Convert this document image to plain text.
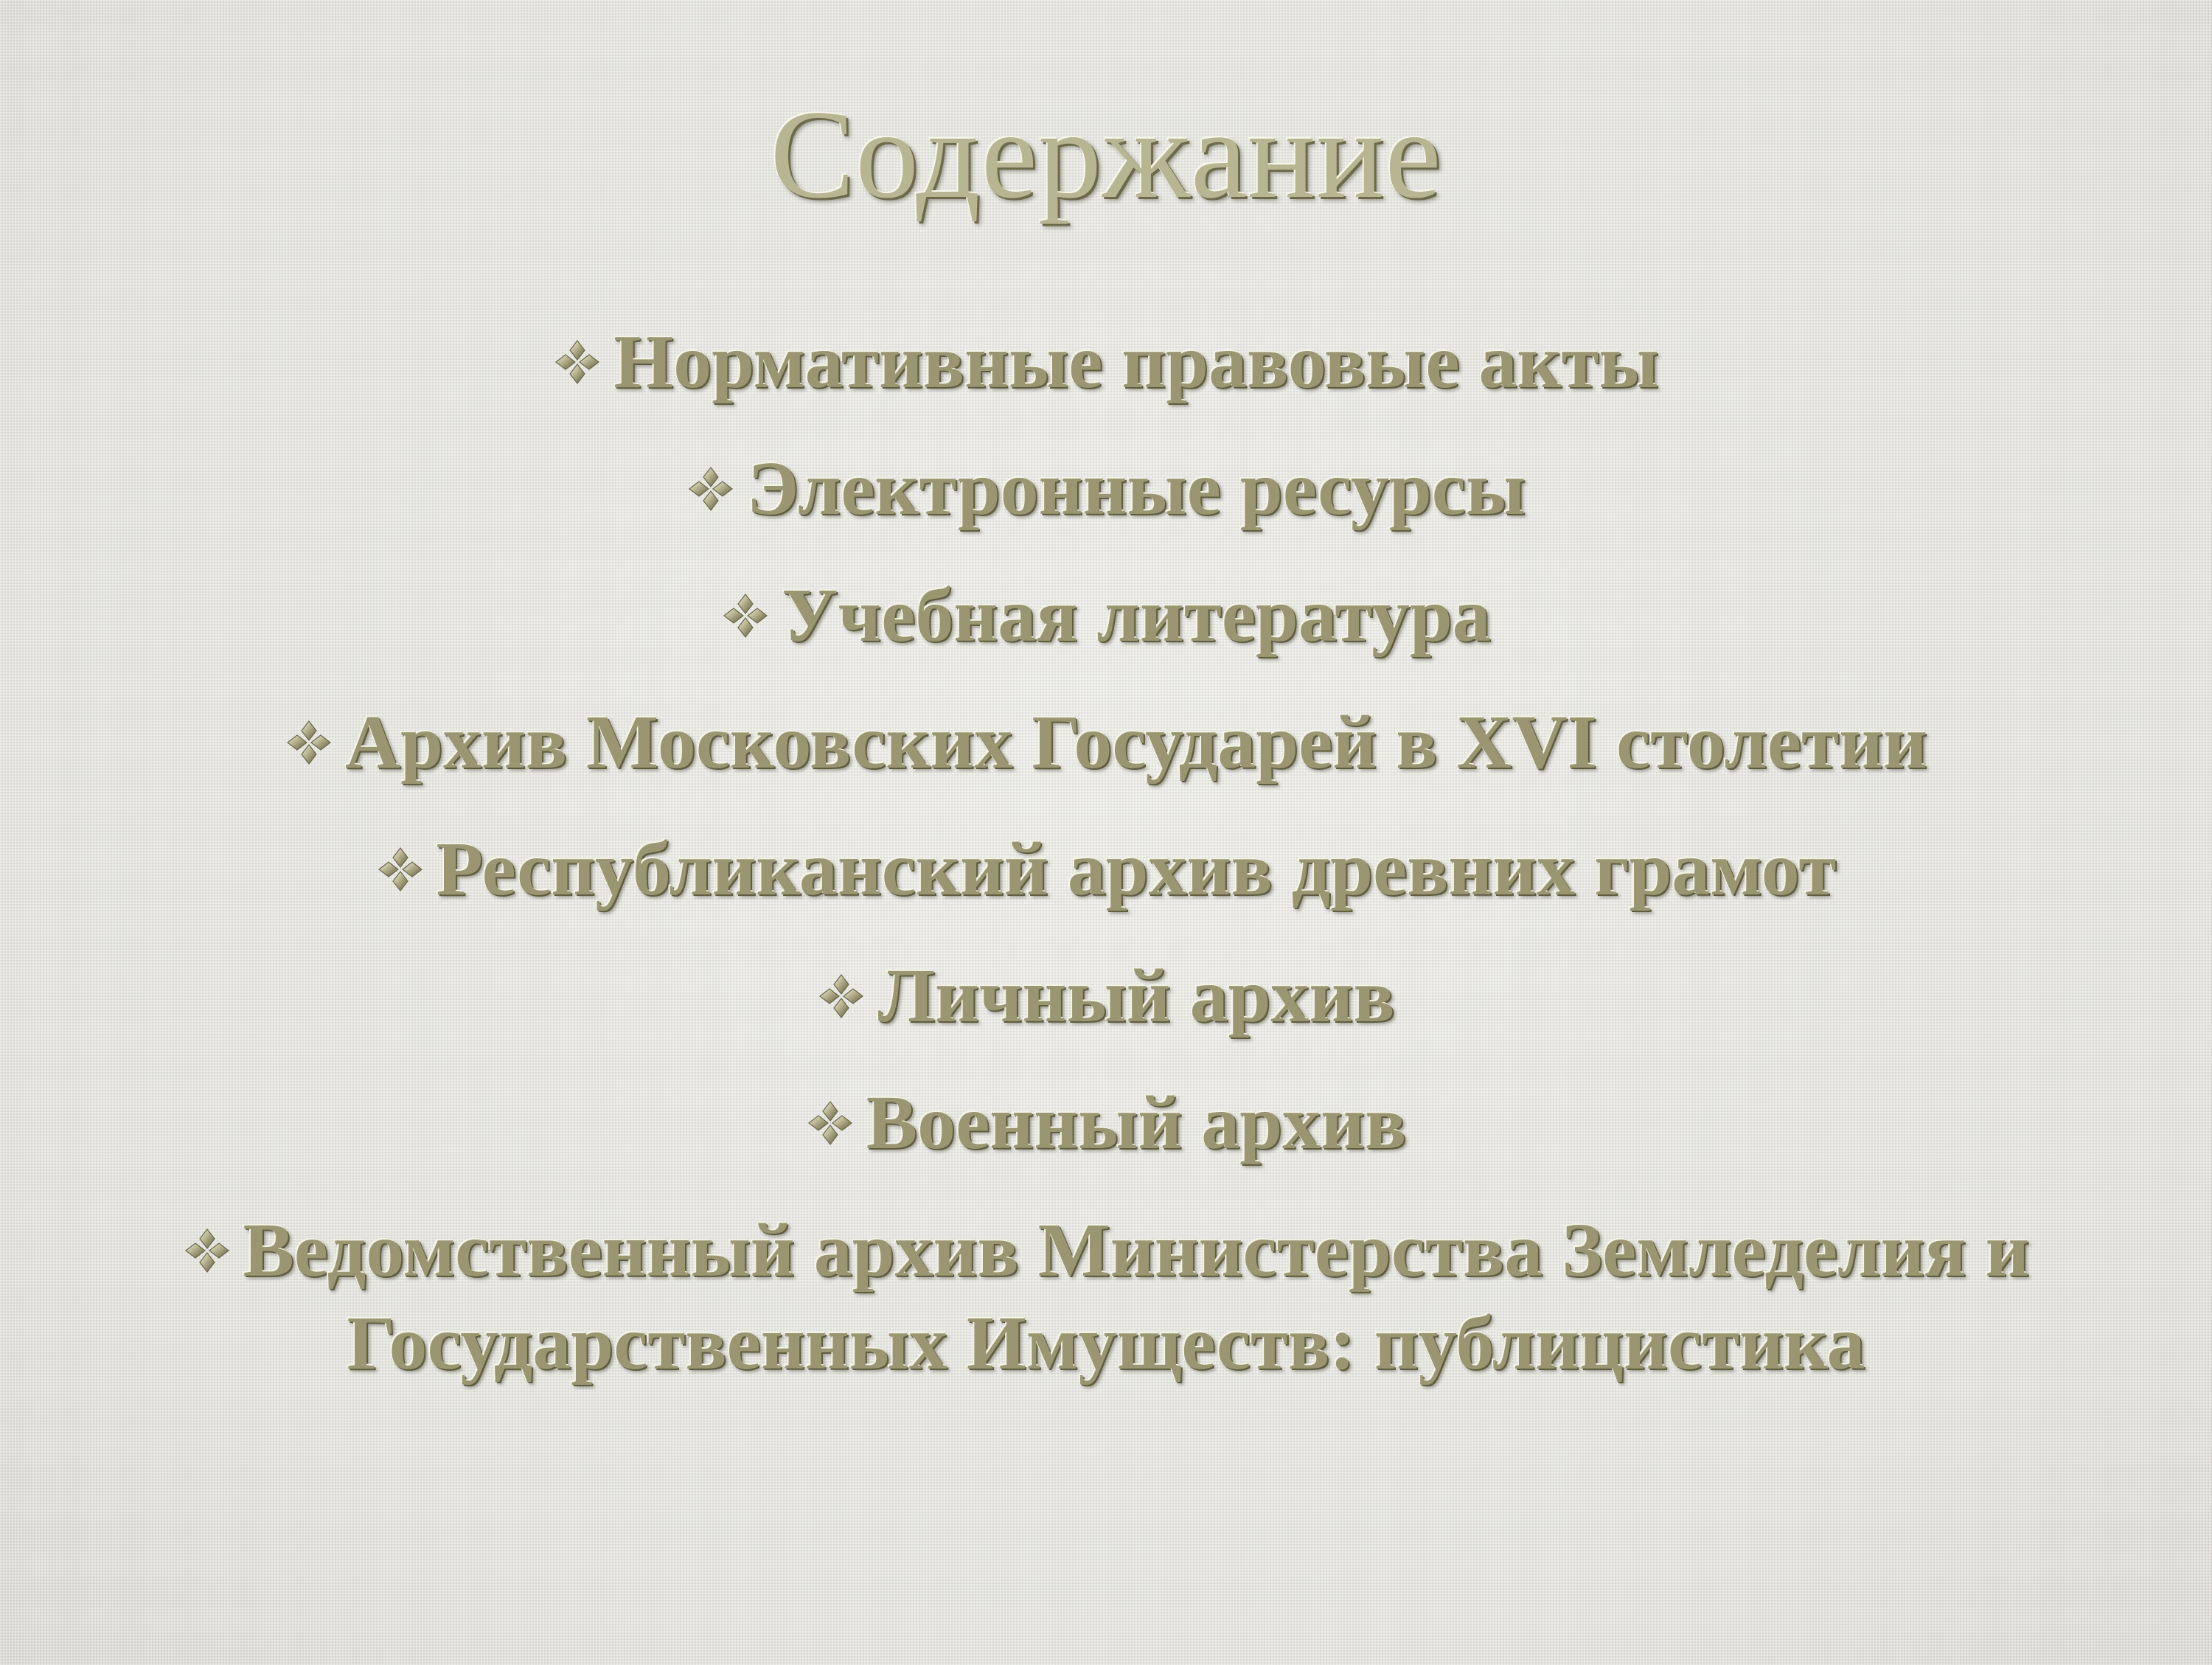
Содержание
Нормативные правовые акты
Электронные ресурсы
Учебная литература
Архив Московских Государей в XVI столетии
Республиканский архив древних грамот
Личный архив
Военный архив
Ведомственный архив Министерства Земледелия и Государственных Имуществ: публицистика
